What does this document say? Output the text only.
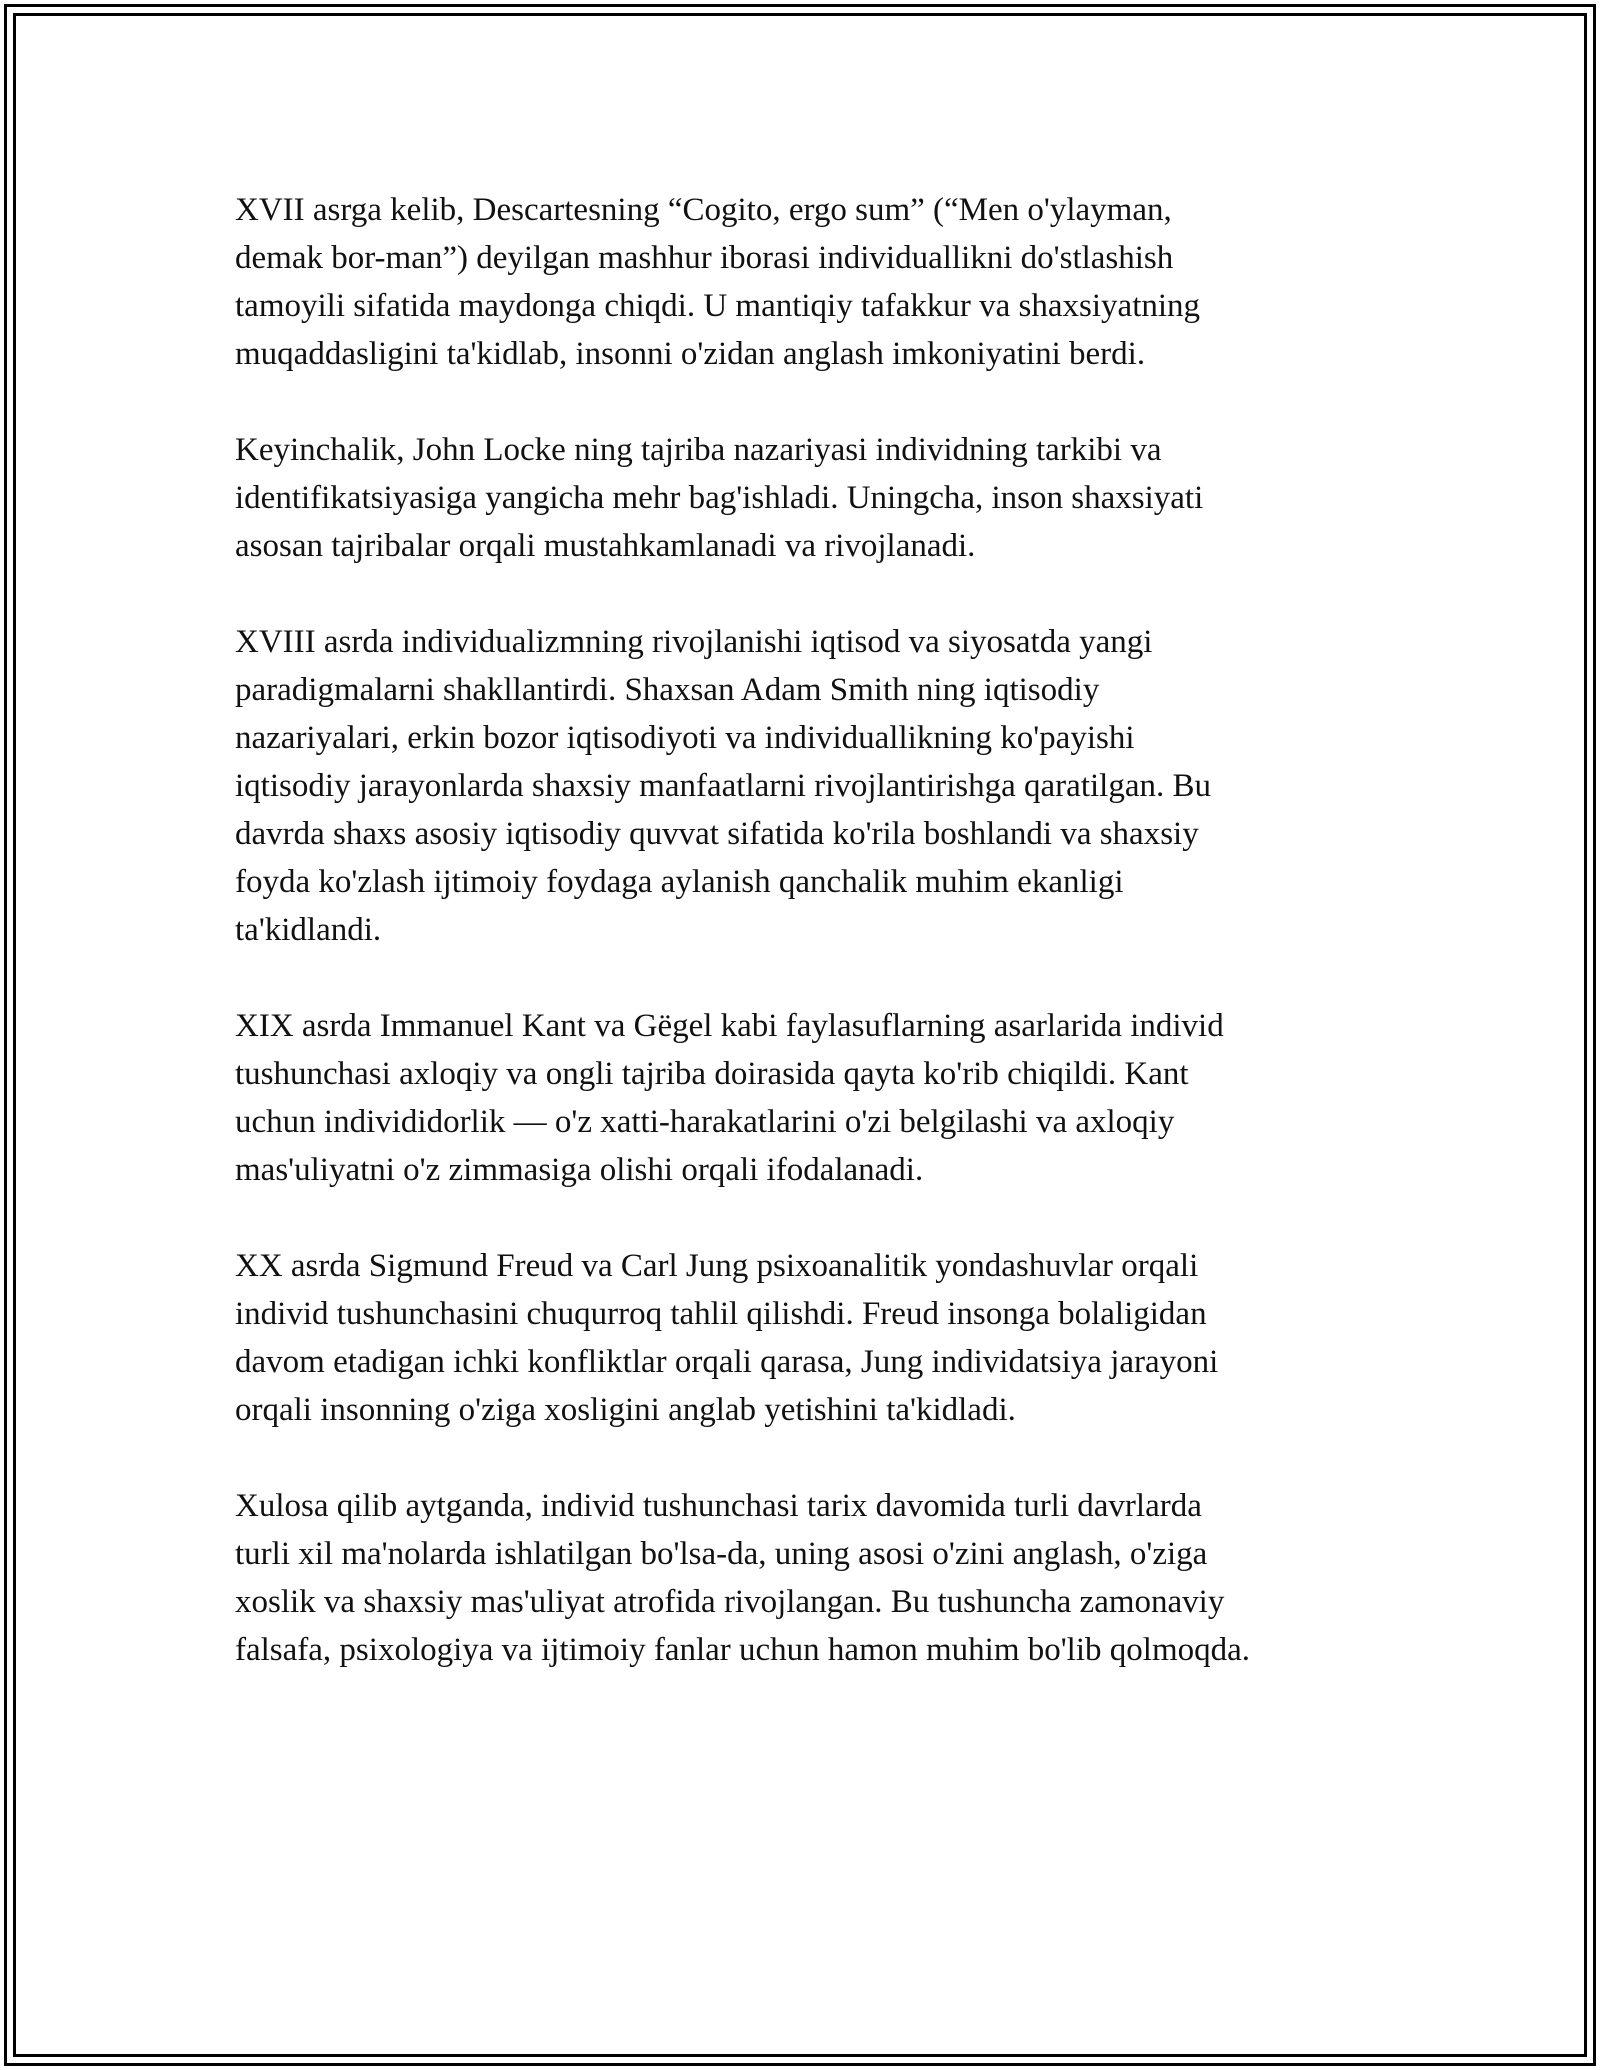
XVII asrga kelib, Descartesning “Cogito, ergo sum” (“Men o'ylayman,
demak bor-man”) deyilgan mashhur iborasi individuallikni do'stlashish
tamoyili sifatida maydonga chiqdi. U mantiqiy tafakkur va shaxsiyatning
muqaddasligini ta'kidlab, insonni o'zidan anglash imkoniyatini berdi.

Keyinchalik, John Locke ning tajriba nazariyasi individning tarkibi va
identifikatsiyasiga yangicha mehr bag'ishladi. Uningcha, inson shaxsiyati
asosan tajribalar orqali mustahkamlanadi va rivojlanadi.

XVIII asrda individualizmning rivojlanishi iqtisod va siyosatda yangi
paradigmalarni shakllantirdi. Shaxsan Adam Smith ning iqtisodiy
nazariyalari, erkin bozor iqtisodiyoti va individuallikning ko'payishi
iqtisodiy jarayonlarda shaxsiy manfaatlarni rivojlantirishga qaratilgan. Bu
davrda shaxs asosiy iqtisodiy quvvat sifatida ko'rila boshlandi va shaxsiy
foyda ko'zlash ijtimoiy foydaga aylanish qanchalik muhim ekanligi
ta'kidlandi.

XIX asrda Immanuel Kant va Gëgel kabi faylasuflarning asarlarida individ
tushunchasi axloqiy va ongli tajriba doirasida qayta ko'rib chiqildi. Kant
uchun individidorlik — o'z xatti-harakatlarini o'zi belgilashi va axloqiy
mas'uliyatni o'z zimmasiga olishi orqali ifodalanadi.

XX asrda Sigmund Freud va Carl Jung psixoanalitik yondashuvlar orqali
individ tushunchasini chuqurroq tahlil qilishdi. Freud insonga bolaligidan
davom etadigan ichki konfliktlar orqali qarasa, Jung individatsiya jarayoni
orqali insonning o'ziga xosligini anglab yetishini ta'kidladi.

Xulosa qilib aytganda, individ tushunchasi tarix davomida turli davrlarda
turli xil ma'nolarda ishlatilgan bo'lsa-da, uning asosi o'zini anglash, o'ziga
xoslik va shaxsiy mas'uliyat atrofida rivojlangan. Bu tushuncha zamonaviy
falsafa, psixologiya va ijtimoiy fanlar uchun hamon muhim bo'lib qolmoqda.
